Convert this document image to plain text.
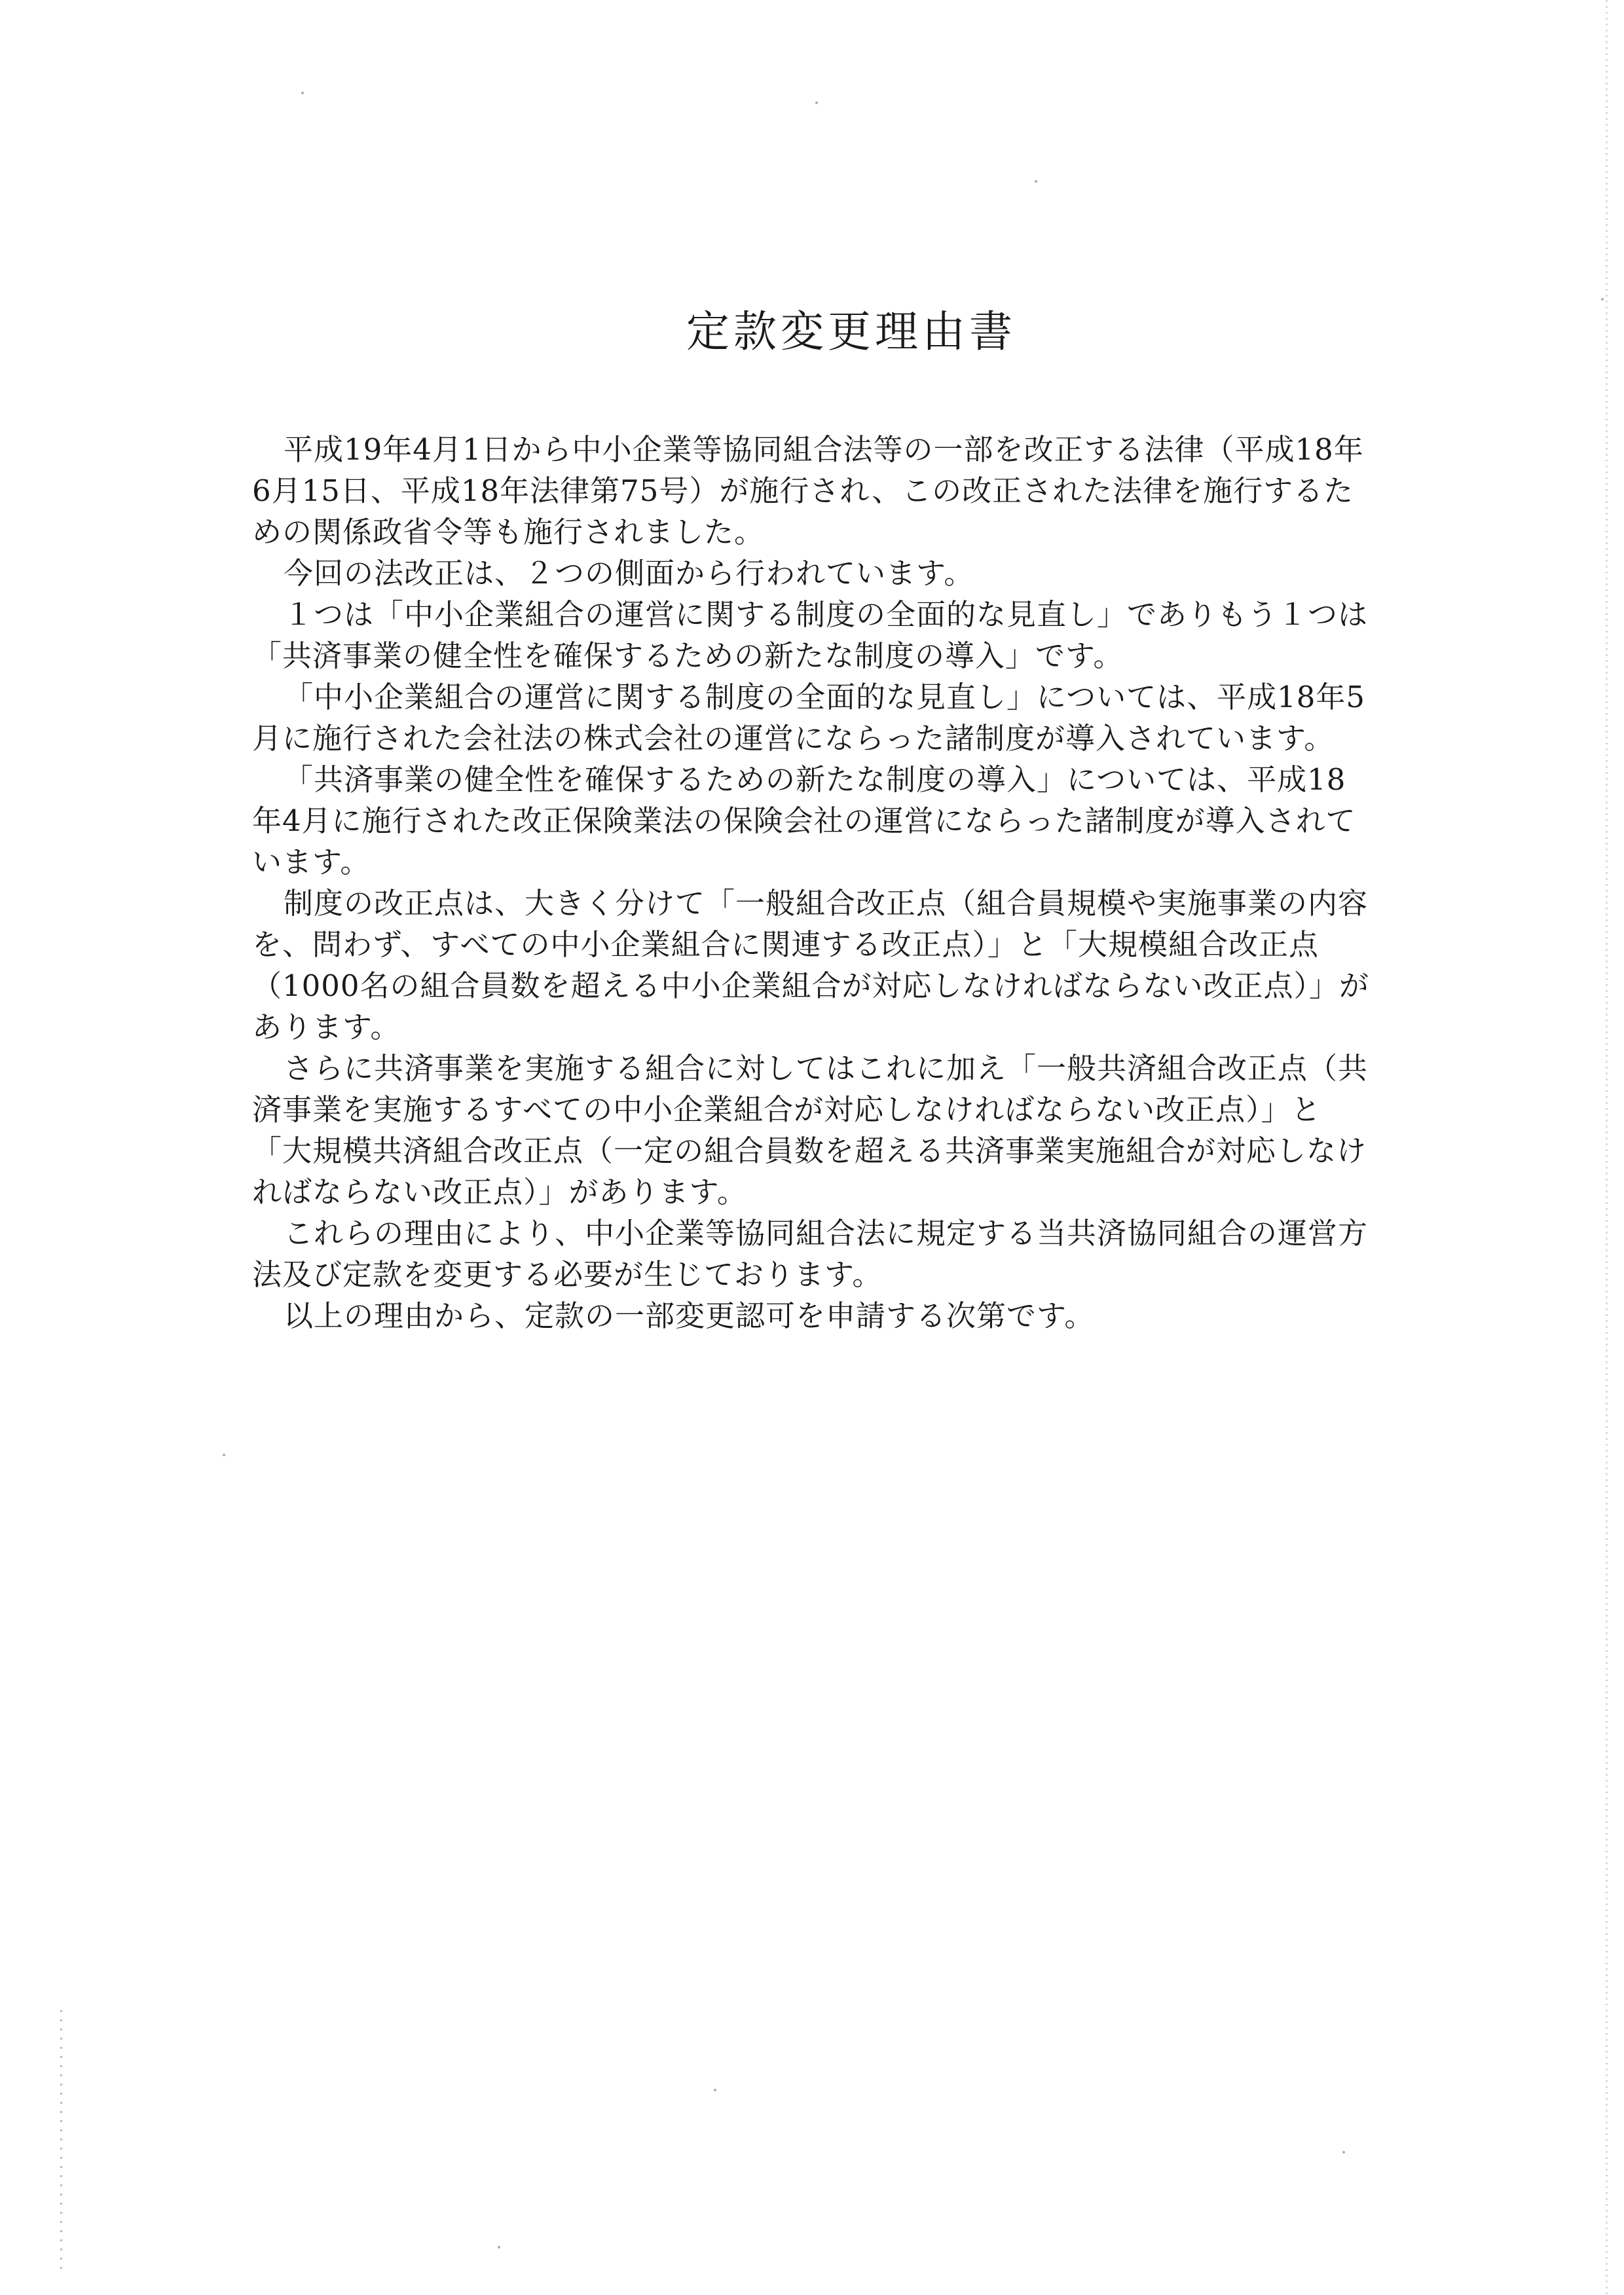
定款変更理由書

平成19年4月1日から中小企業等協同組合法等の一部を改正する法律（平成18年6月15日、平成18年法律第75号）が施行され、この改正された法律を施行するための関係政省令等も施行されました。

今回の法改正は、２つの側面から行われています。

１つは「中小企業組合の運営に関する制度の全面的な見直し」でありもう１つは「共済事業の健全性を確保するための新たな制度の導入」です。

「中小企業組合の運営に関する制度の全面的な見直し」については、平成18年5月に施行された会社法の株式会社の運営にならった諸制度が導入されています。

「共済事業の健全性を確保するための新たな制度の導入」については、平成18年4月に施行された改正保険業法の保険会社の運営にならった諸制度が導入されています。

制度の改正点は、大きく分けて「一般組合改正点（組合員規模や実施事業の内容を、問わず、すべての中小企業組合に関連する改正点）」と「大規模組合改正点（1000名の組合員数を超える中小企業組合が対応しなければならない改正点）」があります。

さらに共済事業を実施する組合に対してはこれに加え「一般共済組合改正点（共済事業を実施するすべての中小企業組合が対応しなければならない改正点）」と「大規模共済組合改正点（一定の組合員数を超える共済事業実施組合が対応しなければならない改正点）」があります。

これらの理由により、中小企業等協同組合法に規定する当共済協同組合の運営方法及び定款を変更する必要が生じております。

以上の理由から、定款の一部変更認可を申請する次第です。
